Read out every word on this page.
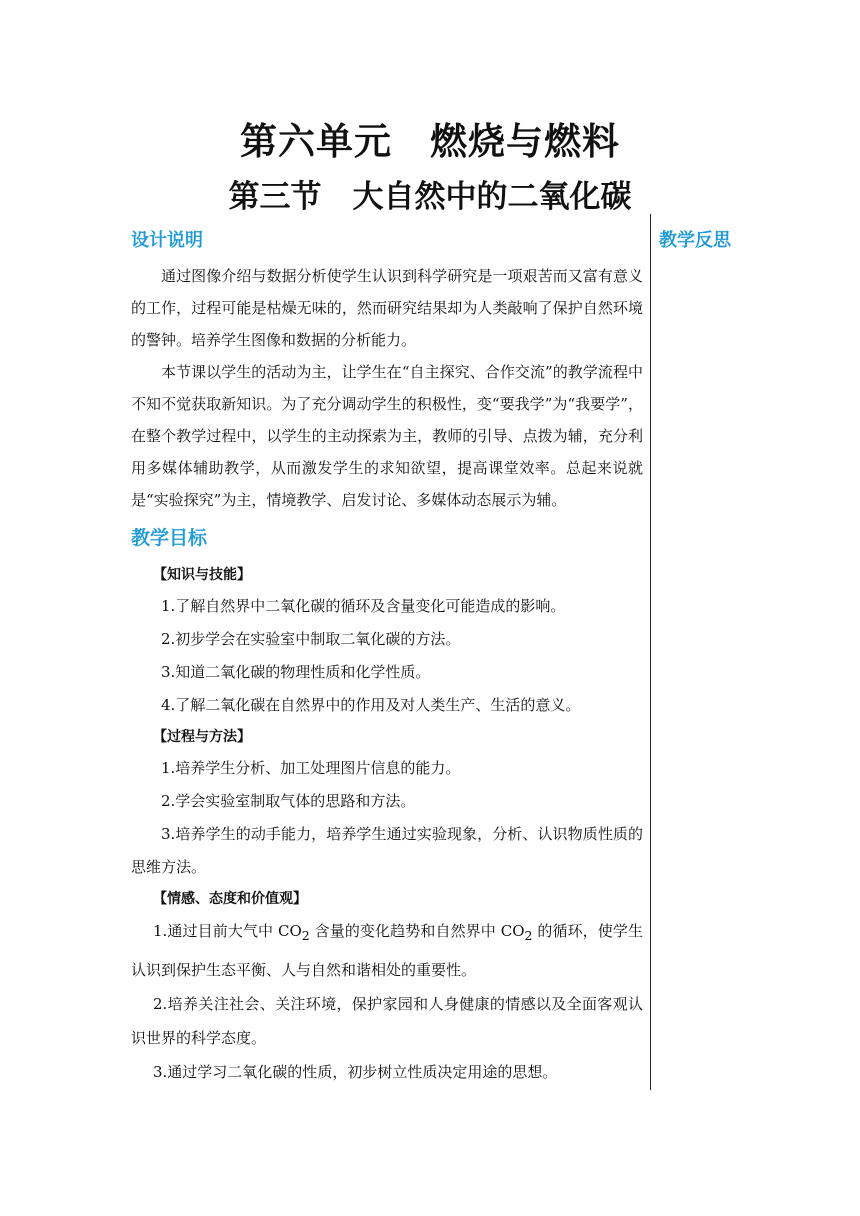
第六单元　燃烧与燃料
第三节　大自然中的二氧化碳
设计说明

通过图像介绍与数据分析使学生认识到科学研究是一项艰苦而又富有意义的工作，过程可能是枯燥无味的，然而研究结果却为人类敲响了保护自然环境的警钟。培养学生图像和数据的分析能力。

本节课以学生的活动为主，让学生在“自主探究、合作交流”的教学流程中不知不觉获取新知识。为了充分调动学生的积极性，变“要我学”为“我要学”，在整个教学过程中，以学生的主动探索为主，教师的引导、点拨为辅，充分利用多媒体辅助教学，从而激发学生的求知欲望，提高课堂效率。总起来说就是“实验探究”为主，情境教学、启发讨论、多媒体动态展示为辅。

教学目标
【知识与技能】

1.了解自然界中二氧化碳的循环及含量变化可能造成的影响。

2.初步学会在实验室中制取二氧化碳的方法。

3.知道二氧化碳的物理性质和化学性质。

4.了解二氧化碳在自然界中的作用及对人类生产、生活的意义。

【过程与方法】

1.培养学生分析、加工处理图片信息的能力。

2.学会实验室制取气体的思路和方法。

3.培养学生的动手能力，培养学生通过实验现象，分析、认识物质性质的思维方法。

【情感、态度和价值观】

1.通过目前大气中 $CO_2$ 含量的变化趋势和自然界中 $CO_2$ 的循环，使学生认识到保护生态平衡、人与自然和谐相处的重要性。

2.培养关注社会、关注环境，保护家园和人身健康的情感以及全面客观认识世界的科学态度。

3.通过学习二氧化碳的性质，初步树立性质决定用途的思想。

教学反思
